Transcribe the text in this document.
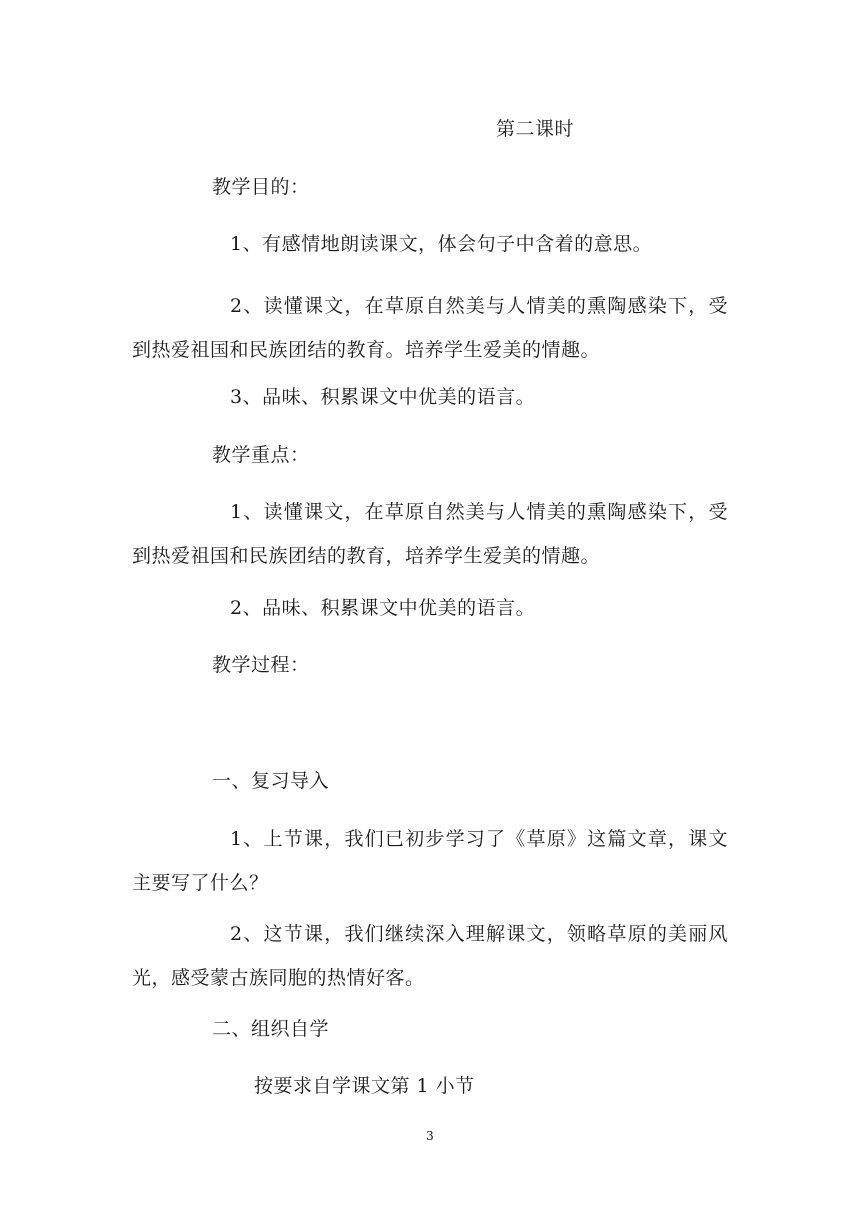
第二课时
教学目的：
1、有感情地朗读课文，体会句子中含着的意思。
2、读懂课文，在草原自然美与人情美的熏陶感染下，受到热爱祖国和民族团结的教育。培养学生爱美的情趣。
3、品味、积累课文中优美的语言。
教学重点：
1、读懂课文，在草原自然美与人情美的熏陶感染下，受到热爱祖国和民族团结的教育，培养学生爱美的情趣。
2、品味、积累课文中优美的语言。
教学过程：
一、复习导入
1、上节课，我们已初步学习了《草原》这篇文章，课文主要写了什么？
2、这节课，我们继续深入理解课文，领略草原的美丽风光，感受蒙古族同胞的热情好客。
二、组织自学
按要求自学课文第 1 小节
3
